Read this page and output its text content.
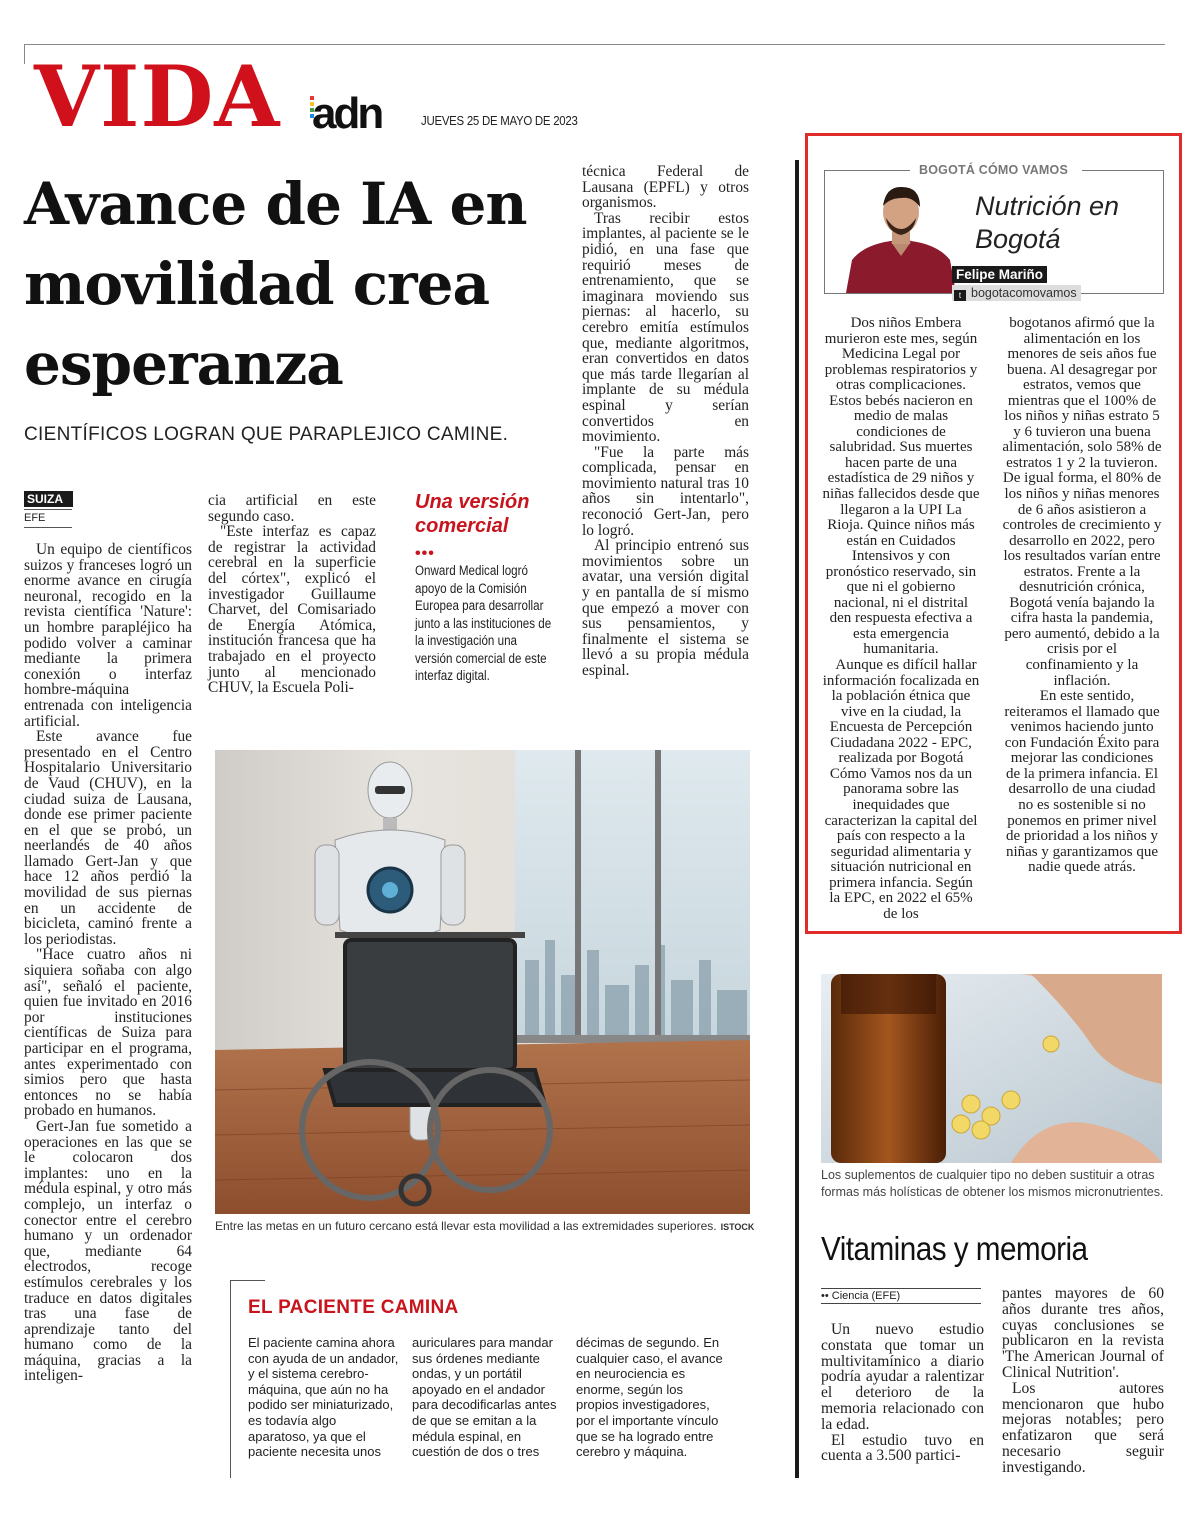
VIDA adn	JUEVES 25 DE MAYO DE 2023
Avance de IA en movilidad crea esperanza
CIENTÍFICOS LOGRAN QUE PARAPLEJICO CAMINE.
SUIZA
EFE

Un equipo de científicos suizos y franceses logró un enorme avance en cirugía neuronal, recogido en la revista científica 'Nature': un hombre parapléjico ha podido volver a caminar mediante la primera conexión o interfaz hombre-máquina entrenada con inteligencia artificial.

Este avance fue presentado en el Centro Hospitalario Universitario de Vaud (CHUV), en la ciudad suiza de Lausana, donde ese primer paciente en el que se probó, un neerlandés de 40 años llamado Gert-Jan y que hace 12 años perdió la movilidad de sus piernas en un accidente de bicicleta, caminó frente a los periodistas.

"Hace cuatro años ni siquiera soñaba con algo así", señaló el paciente, quien fue invitado en 2016 por instituciones científicas de Suiza para participar en el programa, antes experimentado con simios pero que hasta entonces no se había probado en humanos.

Gert-Jan fue sometido a operaciones en las que se le colocaron dos implantes: uno en la médula espinal, y otro más complejo, un interfaz o conector entre el cerebro humano y un ordenador que, mediante 64 electrodos, recoge estímulos cerebrales y los traduce en datos digitales tras una fase de aprendizaje tanto del humano como de la máquina, gracias a la inteligen-

cia artificial en este segundo caso.

"Este interfaz es capaz de registrar la actividad cerebral en la superficie del córtex", explicó el investigador Guillaume Charvet, del Comisariado de Energía Atómica, institución francesa que ha trabajado en el proyecto junto al mencionado CHUV, la Escuela Poli-

Una versión comercial
•••
Onward Medical logró apoyo de la Comisión Europea para desarrollar junto a las instituciones de la investigación una versión comercial de este interfaz digital.

técnica Federal de Lausana (EPFL) y otros organismos.

Tras recibir estos implantes, al paciente se le pidió, en una fase que requirió meses de entrenamiento, que se imaginara moviendo sus piernas: al hacerlo, su cerebro emitía estímulos que, mediante algoritmos, eran convertidos en datos que más tarde llegarían al implante de su médula espinal y serían convertidos en movimiento.

"Fue la parte más complicada, pensar en movimiento natural tras 10 años sin intentarlo", reconoció Gert-Jan, pero lo logró.

Al principio entrenó sus movimientos sobre un avatar, una versión digital y en pantalla de sí mismo que empezó a mover con sus pensamientos, y finalmente el sistema se llevó a su propia médula espinal.

Entre las metas en un futuro cercano está llevar esta movilidad a las extremidades superiores. ISTOCK
EL PACIENTE CAMINA
El paciente camina ahora con ayuda de un andador, y el sistema cerebro-máquina, que aún no ha podido ser miniaturizado, es todavía algo aparatoso, ya que el paciente necesita unos
auriculares para mandar sus órdenes mediante ondas, y un portátil apoyado en el andador para decodificarlas antes de que se emitan a la médula espinal, en cuestión de dos o tres
décimas de segundo. En cualquier caso, el avance en neurociencia es enorme, según los propios investigadores, por el importante vínculo que se ha logrado entre cerebro y máquina.
BOGOTÁ CÓMO VAMOS
Nutrición en Bogotá
Felipe Mariño
t bogotacomovamos

Dos niños Embera murieron este mes, según Medicina Legal por problemas respiratorios y otras complicaciones. Estos bebés nacieron en medio de malas condiciones de salubridad. Sus muertes hacen parte de una estadística de 29 niños y niñas fallecidos desde que llegaron a la UPI La Rioja. Quince niños más están en Cuidados Intensivos y con pronóstico reservado, sin que ni el gobierno nacional, ni el distrital den respuesta efectiva a esta emergencia humanitaria.

Aunque es difícil hallar información focalizada en la población étnica que vive en la ciudad, la Encuesta de Percepción Ciudadana 2022 - EPC, realizada por Bogotá Cómo Vamos nos da un panorama sobre las inequidades que caracterizan la capital del país con respecto a la seguridad alimentaria y situación nutricional en primera infancia. Según la EPC, en 2022 el 65% de los

bogotanos afirmó que la alimentación en los menores de seis años fue buena. Al desagregar por estratos, vemos que mientras que el 100% de los niños y niñas estrato 5 y 6 tuvieron una buena alimentación, solo 58% de estratos 1 y 2 la tuvieron. De igual forma, el 80% de los niños y niñas menores de 6 años asistieron a controles de crecimiento y desarrollo en 2022, pero los resultados varían entre estratos. Frente a la desnutrición crónica, Bogotá venía bajando la cifra hasta la pandemia, pero aumentó, debido a la crisis por el confinamiento y la inflación.

En este sentido, reiteramos el llamado que venimos haciendo junto con Fundación Éxito para mejorar las condiciones de la primera infancia. El desarrollo de una ciudad no es sostenible si no ponemos en primer nivel de prioridad a los niños y niñas y garantizamos que nadie quede atrás.

Los suplementos de cualquier tipo no deben sustituir a otras formas más holísticas de obtener los mismos micronutrientes.
Vitaminas y memoria
•• Ciencia (EFE)

Un nuevo estudio constata que tomar un multivitamínico a diario podría ayudar a ralentizar el deterioro de la memoria relacionado con la edad.

El estudio tuvo en cuenta a 3.500 partici-

pantes mayores de 60 años durante tres años, cuyas conclusiones se publicaron en la revista 'The American Journal of Clinical Nutrition'.

Los autores mencionaron que hubo mejoras notables; pero enfatizaron que será necesario seguir investigando.
